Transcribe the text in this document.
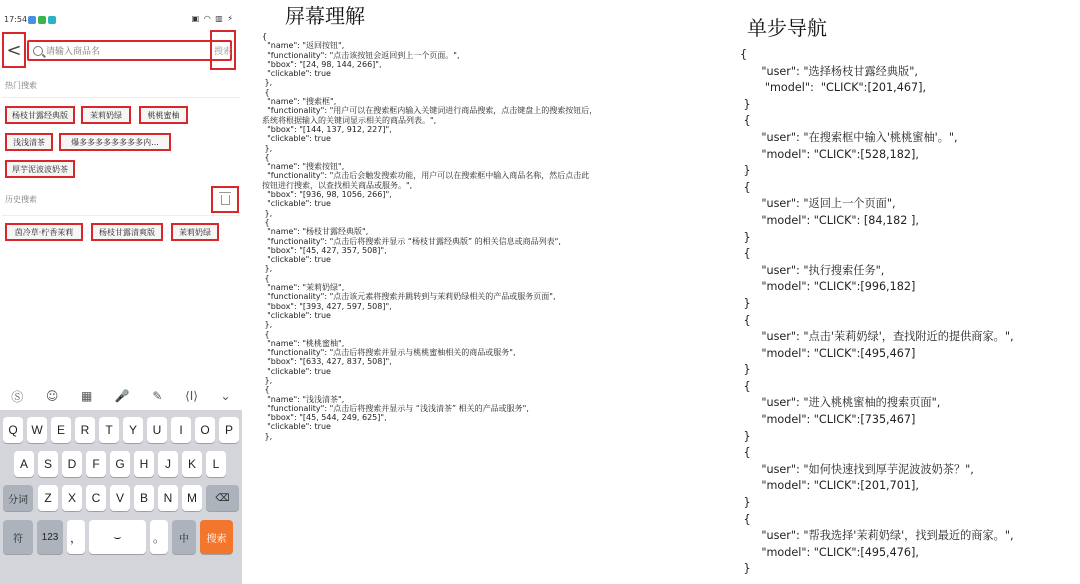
17:54	▣ ◠ ▥ ⚡
<
请输入商品名	搜索
热门搜索
杨枝甘露经典版	茉莉奶绿	桃桃蜜柚
浅浅清茶	爆多多多多多多多多内...
厚芋泥波波奶茶
历史搜索
茵冷草·柠香茉莉	杨枝甘露清爽版	茉莉奶绿
Ⓢ ☺ ▦ 🎤 ✎ ⟨I⟩ ⌄
Q	W	E	R	T	Y	U	I	O	P
A	S	D	F	G	H	J	K	L
分词	Z	X	C	V	B	N	M	⌫
符	123 ，	⌣	。	中	搜索
屏幕理解
{
"name": "返回按钮",
"functionality": "点击该按钮会返回到上一个页面。",
"bbox": "[24, 98, 144, 266]",
"clickable": true
},
{
"name": "搜索框",
"functionality": "用户可以在搜索框内输入关键词进行商品搜索，点击键盘上的搜索按钮后，
系统将根据输入的关键词显示相关的商品列表。",
"bbox": "[144, 137, 912, 227]",
"clickable": true
},
{
"name": "搜索按钮",
"functionality": "点击后会触发搜索功能，用户可以在搜索框中输入商品名称，然后点击此
按钮进行搜索，以查找相关商品或服务。",
"bbox": "[936, 98, 1056, 266]",
"clickable": true
},
{
"name": "杨枝甘露经典版",
"functionality": "点击后将搜索并显示 “杨枝甘露经典版” 的相关信息或商品列表",
"bbox": "[45, 427, 357, 508]",
"clickable": true
},
{
"name": "茉莉奶绿",
"functionality": "点击该元素将搜索并跳转到与茉莉奶绿相关的产品或服务页面",
"bbox": "[393, 427, 597, 508]",
"clickable": true
},
{
"name": "桃桃蜜柚",
"functionality": "点击后将搜索并显示与桃桃蜜柚相关的商品或服务",
"bbox": "[633, 427, 837, 508]",
"clickable": true
},
{
"name": "浅浅清茶",
"functionality": "点击后将搜索并显示与 “浅浅清茶” 相关的产品或服务",
"bbox": "[45, 544, 249, 625]",
"clickable": true
},
单步导航
{
"user": "选择杨枝甘露经典版",
"model":  "CLICK":[201,467],
}
{
"user": "在搜索框中输入'桃桃蜜柚'。",
"model": "CLICK":[528,182],
}
{
"user": "返回上一个页面",
"model": "CLICK": [84,182 ],
}
{
"user": "执行搜索任务",
"model": "CLICK":[996,182]
}
{
"user": "点击'茉莉奶绿'，查找附近的提供商家。",
"model": "CLICK":[495,467]
}
{
"user": "进入桃桃蜜柚的搜索页面",
"model": "CLICK":[735,467]
}
{
"user": "如何快速找到厚芋泥波波奶茶？",
"model": "CLICK":[201,701],
}
{
"user": "帮我选择'茉莉奶绿'，找到最近的商家。",
"model": "CLICK":[495,476],
}
